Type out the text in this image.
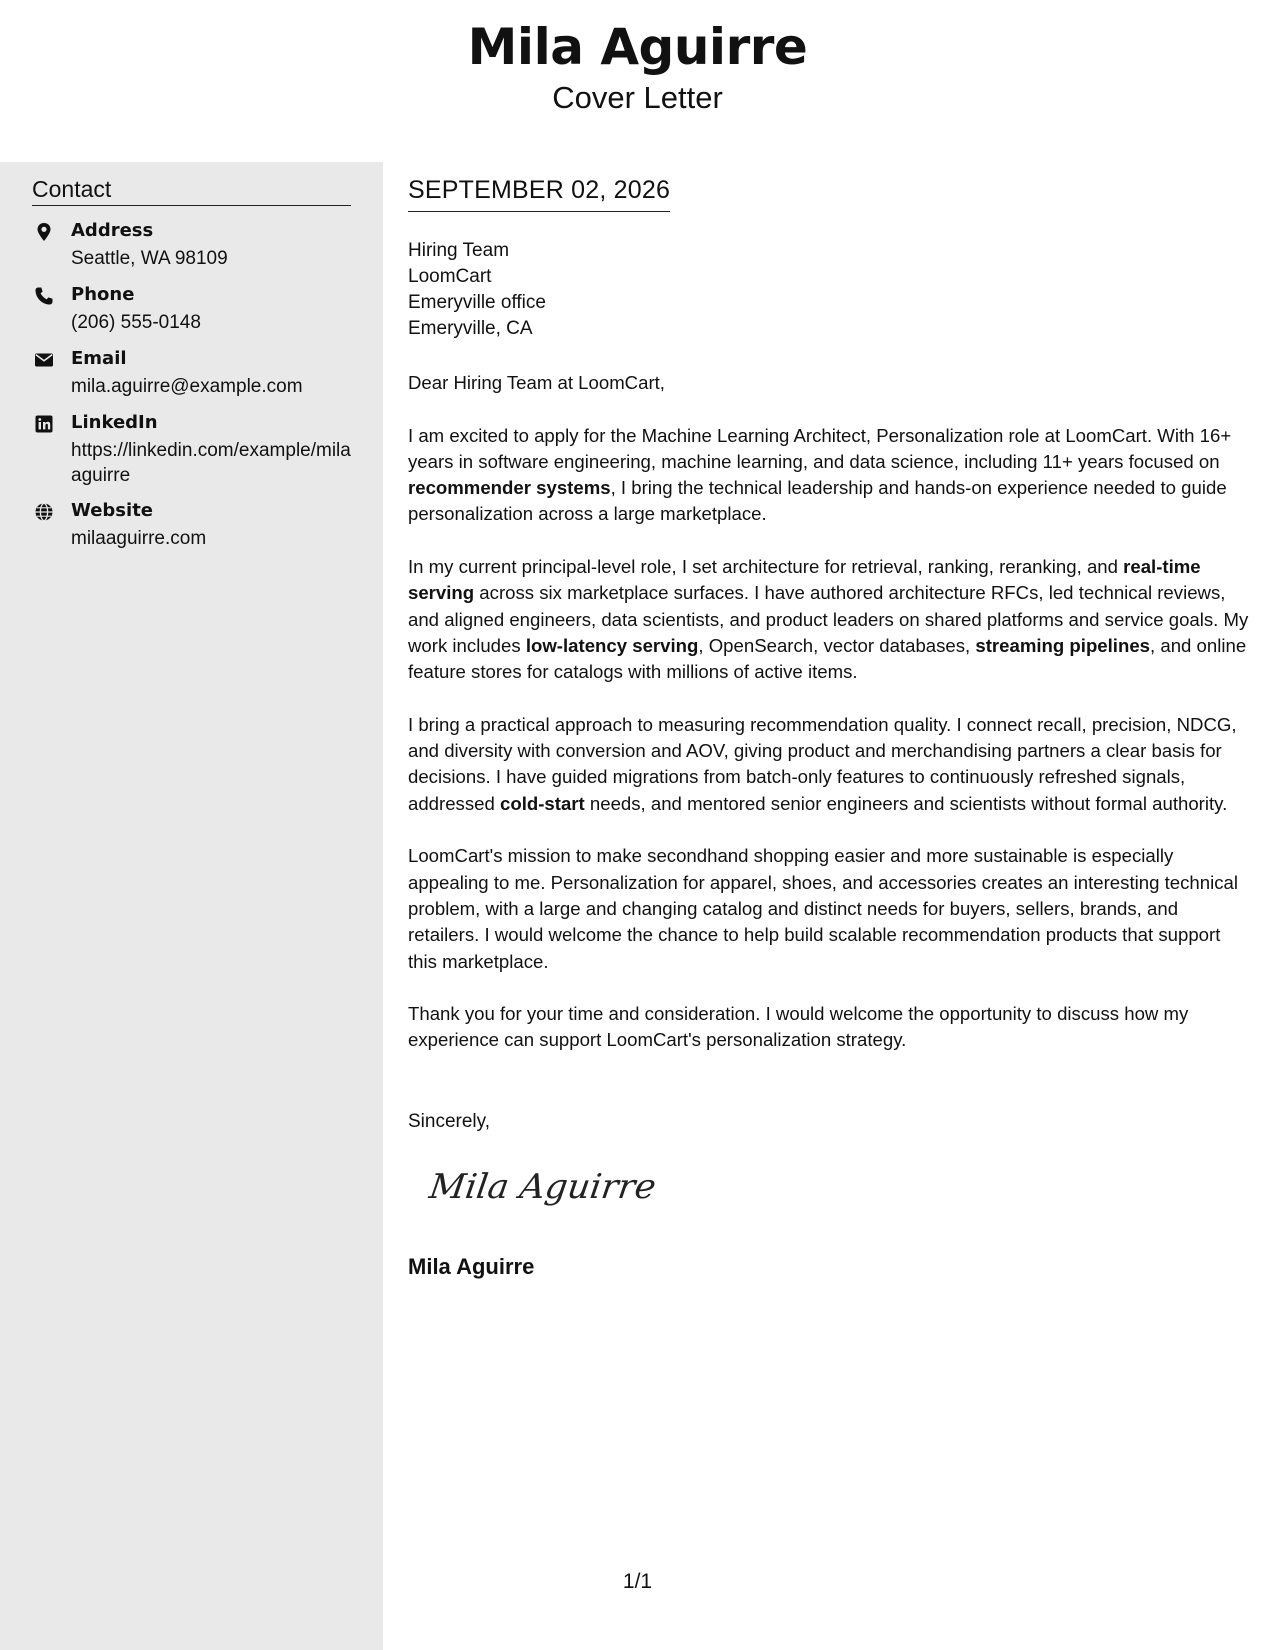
Mila Aguirre
Cover Letter
Contact
Address
Seattle, WA 98109
Phone
(206) 555-0148
Email
mila.aguirre@example.com
LinkedIn
https://linkedin.com/example/milaaguirre
Website
milaaguirre.com
SEPTEMBER 02, 2026
Hiring Team
LoomCart
Emeryville office
Emeryville, CA

Dear Hiring Team at LoomCart,

I am excited to apply for the Machine Learning Architect, Personalization role at LoomCart. With 16+ years in software engineering, machine learning, and data science, including 11+ years focused on recommender systems, I bring the technical leadership and hands-on experience needed to guide personalization across a large marketplace.

In my current principal-level role, I set architecture for retrieval, ranking, reranking, and real-time serving across six marketplace surfaces. I have authored architecture RFCs, led technical reviews, and aligned engineers, data scientists, and product leaders on shared platforms and service goals. My work includes low-latency serving, OpenSearch, vector databases, streaming pipelines, and online feature stores for catalogs with millions of active items.

I bring a practical approach to measuring recommendation quality. I connect recall, precision, NDCG, and diversity with conversion and AOV, giving product and merchandising partners a clear basis for decisions. I have guided migrations from batch-only features to continuously refreshed signals, addressed cold-start needs, and mentored senior engineers and scientists without formal authority.

LoomCart's mission to make secondhand shopping easier and more sustainable is especially appealing to me. Personalization for apparel, shoes, and accessories creates an interesting technical problem, with a large and changing catalog and distinct needs for buyers, sellers, brands, and retailers. I would welcome the chance to help build scalable recommendation products that support this marketplace.

Thank you for your time and consideration. I would welcome the opportunity to discuss how my experience can support LoomCart's personalization strategy.

Sincerely,
Mila Aguirre
Mila Aguirre
1/1
